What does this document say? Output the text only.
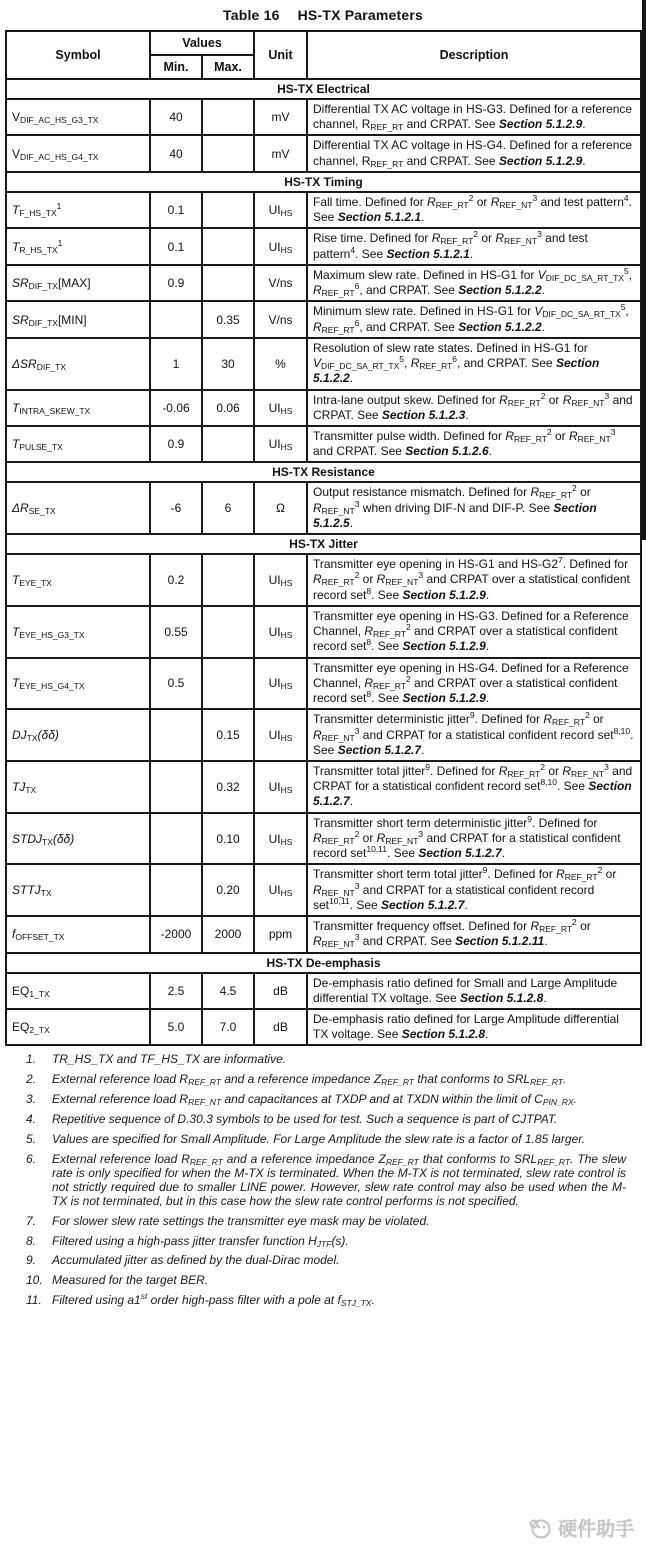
Table 16 HS-TX Parameters
Symbol	Values		Unit	Description
	Min.	Max.		
HS-TX Electrical				
$V_{DIF\_AC\_HS\_G3\_TX}$	40		mV	Differential TX AC voltage in HS-G3. Defined for a reference channel, $R_{REF\_RT}$ and CRPAT. See Section 5.1.2.9.
$V_{DIF\_AC\_HS\_G4\_TX}$	40		mV	Differential TX AC voltage in HS-G4. Defined for a reference channel, $R_{REF\_RT}$ and CRPAT. See Section 5.1.2.9.
HS-TX Timing				
$T_{F\_HS\_TX}^1$	0.1		$UI_{HS}$	Fall time. Defined for $R_{REF\_RT}^2$ or $R_{REF\_NT}^3$ and test pattern$^4$. See Section 5.1.2.1.
$T_{R\_HS\_TX}^1$	0.1		$UI_{HS}$	Rise time. Defined for $R_{REF\_RT}^2$ or $R_{REF\_NT}^3$ and test pattern$^4$. See Section 5.1.2.1.
$SR_{DIF\_TX}[MAX]$	0.9		V/ns	Maximum slew rate. Defined in HS-G1 for $V_{DIF\_DC\_SA\_RT\_TX}^5$, $R_{REF\_RT}^6$, and CRPAT. See Section 5.1.2.2.
$SR_{DIF\_TX}[MIN]$		0.35	V/ns	Minimum slew rate. Defined in HS-G1 for $V_{DIF\_DC\_SA\_RT\_TX}^5$, $R_{REF\_RT}^6$, and CRPAT. See Section 5.1.2.2.
$\Delta SR_{DIF\_TX}$	1	30	%	Resolution of slew rate states. Defined in HS-G1 for $V_{DIF\_DC\_SA\_RT\_TX}^5$, $R_{REF\_RT}^6$, and CRPAT. See Section 5.1.2.2.
$T_{INTRA\_SKEW\_TX}$	-0.06	0.06	$UI_{HS}$	Intra-lane output skew. Defined for $R_{REF\_RT}^2$ or $R_{REF\_NT}^3$ and CRPAT. See Section 5.1.2.3.
$T_{PULSE\_TX}$	0.9		$UI_{HS}$	Transmitter pulse width. Defined for $R_{REF\_RT}^2$ or $R_{REF\_NT}^3$ and CRPAT. See Section 5.1.2.6.
HS-TX Resistance				
$\Delta R_{SE\_TX}$	-6	6	Ω	Output resistance mismatch. Defined for $R_{REF\_RT}^2$ or $R_{REF\_NT}^3$ when driving DIF-N and DIF-P. See Section 5.1.2.5.
HS-TX Jitter				
$T_{EYE\_TX}$	0.2		$UI_{HS}$	Transmitter eye opening in HS-G1 and $HS-G2^7$. Defined for $R_{REF\_RT}^2$ or $R_{REF\_NT}^3$ and CRPAT over a statistical confident record set$^8$. See Section 5.1.2.9.
$T_{EYE\_HS\_G3\_TX}$	0.55		$UI_{HS}$	Transmitter eye opening in HS-G3. Defined for a Reference Channel, $R_{REF\_RT}^2$ and CRPAT over a statistical confident record set$^8$. See Section 5.1.2.9.
$T_{EYE\_HS\_G4\_TX}$	0.5		$UI_{HS}$	Transmitter eye opening in HS-G4. Defined for a Reference Channel, $R_{REF\_RT}^2$ and CRPAT over a statistical confident record set$^8$. See Section 5.1.2.9.
$DJ_{TX}(\delta\delta)$		0.15	$UI_{HS}$	Transmitter deterministic jitter$^9$. Defined for $R_{REF\_RT}^2$ or $R_{REF\_NT}^3$ and CRPAT for a statistical confident record set$^{8,10}$. See Section 5.1.2.7.
$TJ_{TX}$		0.32	$UI_{HS}$	Transmitter total jitter$^9$. Defined for $R_{REF\_RT}^2$ or $R_{REF\_NT}^3$ and CRPAT for a statistical confident record set$^{8,10}$. See Section 5.1.2.7.
$STDJ_{TX}(\delta\delta)$		0.10	$UI_{HS}$	Transmitter short term deterministic jitter$^9$. Defined for $R_{REF\_RT}^2$ or $R_{REF\_NT}^3$ and CRPAT for a statistical confident record set$^{10,11}$. See Section 5.1.2.7.
$STTJ_{TX}$		0.20	$UI_{HS}$	Transmitter short term total jitter$^9$. Defined for $R_{REF\_RT}^2$ or $R_{REF\_NT}^3$ and CRPAT for a statistical confident record set$^{10,11}$. See Section 5.1.2.7.
$f_{OFFSET\_TX}$	-2000	2000	ppm	Transmitter frequency offset. Defined for $R_{REF\_RT}^2$ or $R_{REF\_NT}^3$ and CRPAT. See Section 5.1.2.11.
HS-TX De-emphasis				
$EQ_{1\_TX}$	2.5	4.5	dB	De-emphasis ratio defined for Small and Large Amplitude differential TX voltage. See Section 5.1.2.8.
$EQ_{2\_TX}$	5.0	7.0	dB	De-emphasis ratio defined for Large Amplitude differential TX voltage. See Section 5.1.2.8.
1.	TR_HS_TX and TF_HS_TX are informative.
2.	External reference load $R_{REF\_RT}$ and a reference impedance $Z_{REF\_RT}$ that conforms to $SRL_{REF\_RT}$.
3.	External reference load $R_{REF\_NT}$ and capacitances at TXDP and at TXDN within the limit of $C_{PIN\_RX}$.
4.	Repetitive sequence of D.30.3 symbols to be used for test. Such a sequence is part of CJTPAT.
5.	Values are specified for Small Amplitude. For Large Amplitude the slew rate is a factor of 1.85 larger.
6.	External reference load $R_{REF\_RT}$ and a reference impedance $Z_{REF\_RT}$ that conforms to $SRL_{REF\_RT}$. The slew rate is only specified for when the M-TX is terminated. When the M-TX is not terminated, slew rate control is not strictly required due to smaller LINE power. However, slew rate control may also be used when the M-TX is not terminated, but in this case how the slew rate control performs is not specified.
7.	For slower slew rate settings the transmitter eye mask may be violated.
8.	Filtered using a high-pass jitter transfer function $H_{JTF}(s)$.
9.	Accumulated jitter as defined by the dual-Dirac model.
10. Measured for the target BER.
11. Filtered using a1st order high-pass filter with a pole at $f_{STJ\_TX}$.
硬件助手
